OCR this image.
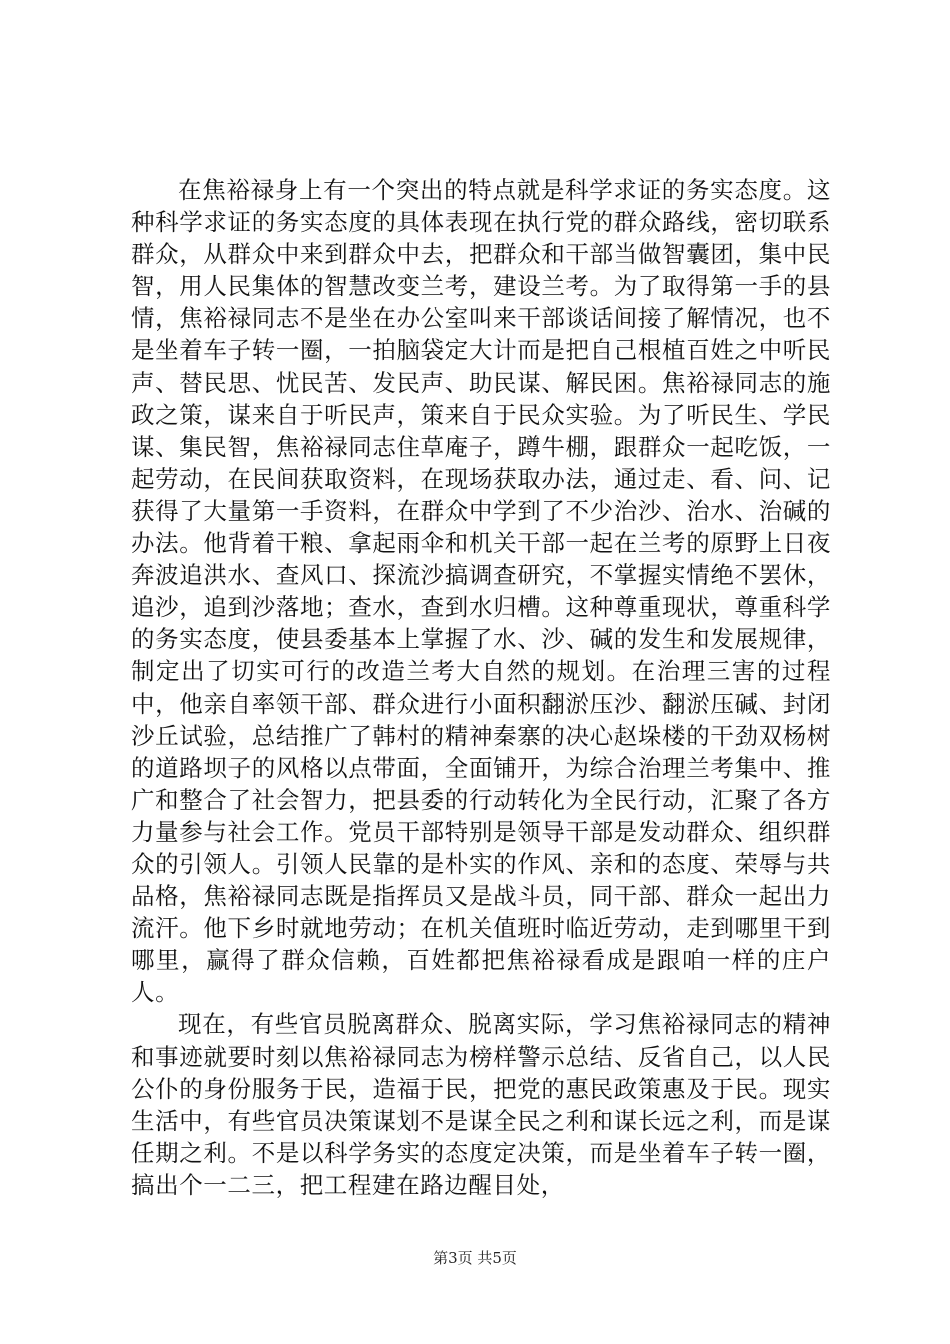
在焦裕禄身上有一个突出的特点就是科学求证的务实态度。这种科学求证的务实态度的具体表现在执行党的群众路线，密切联系群众，从群众中来到群众中去，把群众和干部当做智囊团，集中民智，用人民集体的智慧改变兰考，建设兰考。为了取得第一手的县情，焦裕禄同志不是坐在办公室叫来干部谈话间接了解情况，也不是坐着车子转一圈，一拍脑袋定大计而是把自己根植百姓之中听民声、替民思、忧民苦、发民声、助民谋、解民困。焦裕禄同志的施政之策，谋来自于听民声，策来自于民众实验。为了听民生、学民谋、集民智，焦裕禄同志住草庵子，蹲牛棚，跟群众一起吃饭，一起劳动，在民间获取资料，在现场获取办法，通过走、看、问、记获得了大量第一手资料，在群众中学到了不少治沙、治水、治碱的办法。他背着干粮、拿起雨伞和机关干部一起在兰考的原野上日夜奔波追洪水、查风口、探流沙搞调查研究，不掌握实情绝不罢休，追沙，追到沙落地；查水，查到水归槽。这种尊重现状，尊重科学的务实态度，使县委基本上掌握了水、沙、碱的发生和发展规律，制定出了切实可行的改造兰考大自然的规划。在治理三害的过程中，他亲自率领干部、群众进行小面积翻淤压沙、翻淤压碱、封闭沙丘试验，总结推广了韩村的精神秦寨的决心赵垛楼的干劲双杨树的道路坝子的风格以点带面，全面铺开，为综合治理兰考集中、推广和整合了社会智力，把县委的行动转化为全民行动，汇聚了各方力量参与社会工作。党员干部特别是领导干部是发动群众、组织群众的引领人。引领人民靠的是朴实的作风、亲和的态度、荣辱与共品格，焦裕禄同志既是指挥员又是战斗员，同干部、群众一起出力流汗。他下乡时就地劳动；在机关值班时临近劳动，走到哪里干到哪里，赢得了群众信赖，百姓都把焦裕禄看成是跟咱一样的庄户人。

现在，有些官员脱离群众、脱离实际，学习焦裕禄同志的精神和事迹就要时刻以焦裕禄同志为榜样警示总结、反省自己，以人民公仆的身份服务于民，造福于民，把党的惠民政策惠及于民。现实生活中，有些官员决策谋划不是谋全民之利和谋长远之利，而是谋任期之利。不是以科学务实的态度定决策，而是坐着车子转一圈，搞出个一二三，把工程建在路边醒目处，

第3页 共5页
